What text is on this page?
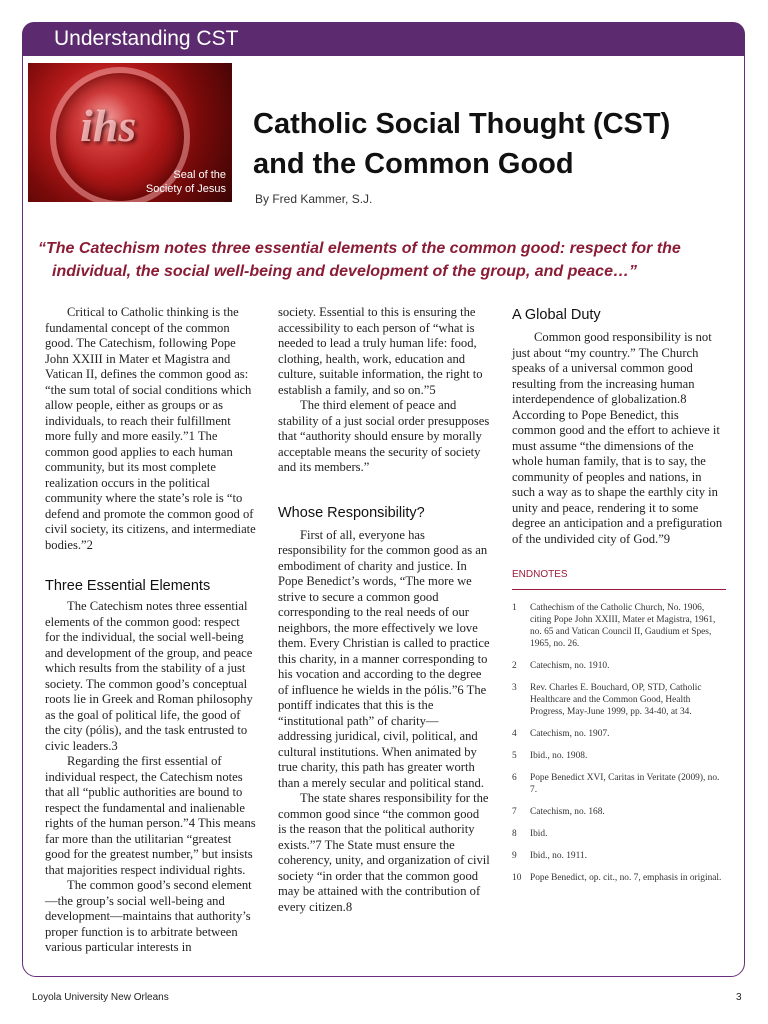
Understanding CST
ihs
Seal of the
Society of Jesus
Catholic Social Thought (CST)
and the Common Good
By Fred Kammer, S.J.
“The Catechism notes three essential elements of the common good: respect for the
individual, the social well-being and development of the group, and peace…”

Critical to Catholic thinking is the fundamental concept of the common good. The Catechism, following Pope John XXIII in Mater et Magistra and Vatican II, defines the common good as: “the sum total of social conditions which allow people, either as groups or as individuals, to reach their fulfillment more fully and more easily.”1 The common good applies to each human community, but its most complete realization occurs in the political community where the state’s role is “to defend and promote the common good of civil society, its citizens, and intermediate bodies.”2

Three Essential Elements

The Catechism notes three essential elements of the common good: respect for the individual, the social well-being and development of the group, and peace which results from the stability of a just society. The common good’s conceptual roots lie in Greek and Roman philosophy as the goal of political life, the good of the city (pólis), and the task entrusted to civic leaders.3

Regarding the first essential of individual respect, the Catechism notes that all “public authorities are bound to respect the fundamental and inalienable rights of the human person.”4 This means far more than the utilitarian “greatest good for the greatest number,” but insists that majorities respect individual rights.

The common good’s second element—the group’s social well-being and development—maintains that authority’s proper function is to arbitrate between various particular interests in

society. Essential to this is ensuring the accessibility to each person of “what is needed to lead a truly human life: food, clothing, health, work, education and culture, suitable information, the right to establish a family, and so on.”5

The third element of peace and stability of a just social order presupposes that “authority should ensure by morally acceptable means the security of society and its members.”

Whose Responsibility?

First of all, everyone has responsibility for the common good as an embodiment of charity and justice. In Pope Benedict’s words, “The more we strive to secure a common good corresponding to the real needs of our neighbors, the more effectively we love them. Every Christian is called to practice this charity, in a manner corresponding to his vocation and according to the degree of influence he wields in the pólis.”6 The pontiff indicates that this is the “institutional path” of charity—addressing juridical, civil, political, and cultural institutions. When animated by true charity, this path has greater worth than a merely secular and political stand.

The state shares responsibility for the common good since “the common good is the reason that the political authority exists.”7 The State must ensure the coherency, unity, and organization of civil society “in order that the common good may be attained with the contribution of every citizen.8

A Global Duty

Common good responsibility is not just about “my country.” The Church speaks of a universal common good resulting from the increasing human interdependence of globalization.8 According to Pope Benedict, this common good and the effort to achieve it must assume “the dimensions of the whole human family, that is to say, the community of peoples and nations, in such a way as to shape the earthly city in unity and peace, rendering it to some degree an anticipation and a prefiguration of the undivided city of God.”9

ENDNOTES
1	Cathechism of the Catholic Church, No. 1906, citing Pope John XXIII, Mater et Magistra, 1961, no. 65 and Vatican Council II, Gaudium et Spes, 1965, no. 26.
2	Catechism, no. 1910.
3	Rev. Charles E. Bouchard, OP, STD, Catholic Healthcare and the Common Good, Health Progress, May-June 1999, pp. 34-40, at 34.
4	Catechism, no. 1907.
5	Ibid., no. 1908.
6	Pope Benedict XVI, Caritas in Veritate (2009), no. 7.
7	Catechism, no. 168.
8	Ibid.
9	Ibid., no. 1911.
10 Pope Benedict, op. cit., no. 7, emphasis in original.
Loyola University New Orleans	3
